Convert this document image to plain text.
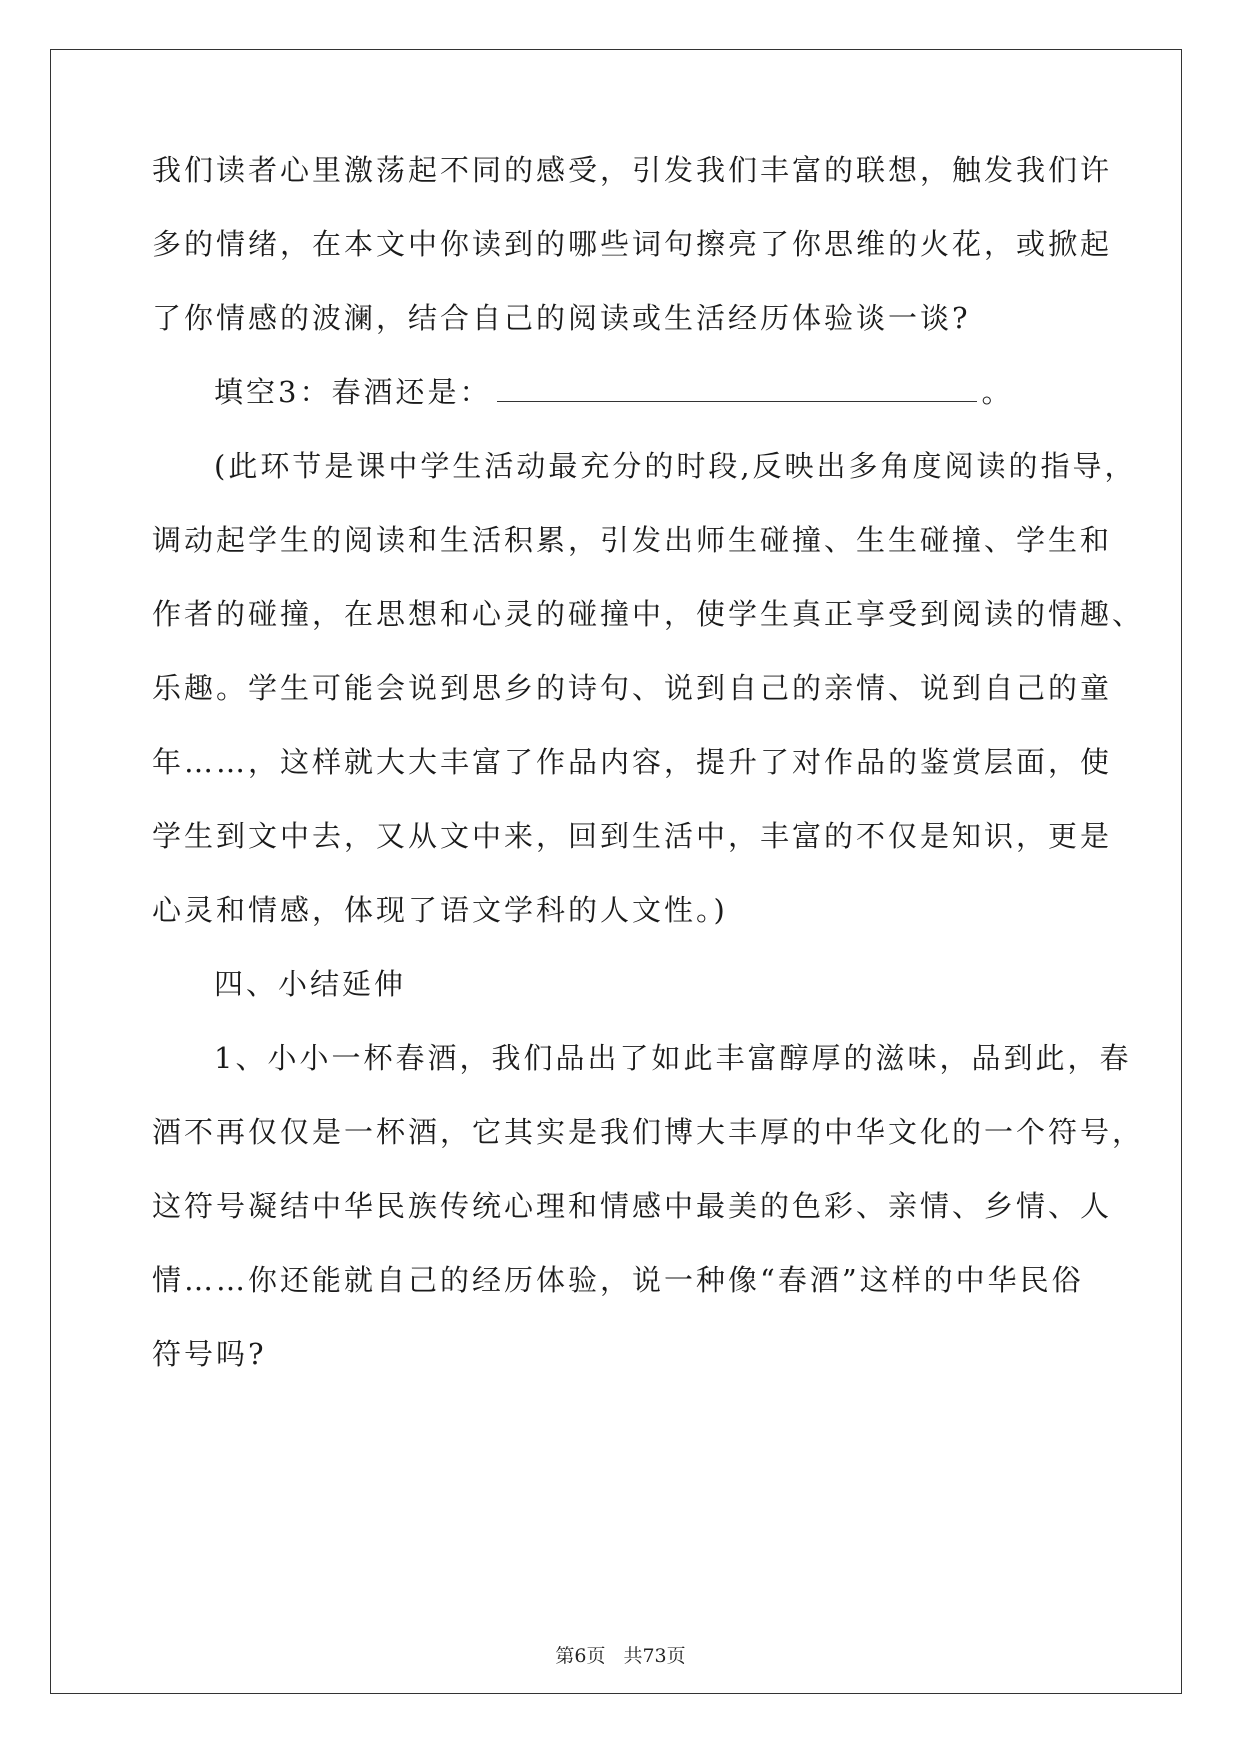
我们读者心里激荡起不同的感受，引发我们丰富的联想，触发我们许
多的情绪，在本文中你读到的哪些词句擦亮了你思维的火花，或掀起
了你情感的波澜，结合自己的阅读或生活经历体验谈一谈?
填空3：春酒还是：	。
(此环节是课中学生活动最充分的时段,反映出多角度阅读的指导，
调动起学生的阅读和生活积累，引发出师生碰撞、生生碰撞、学生和
作者的碰撞，在思想和心灵的碰撞中，使学生真正享受到阅读的情趣、
乐趣。学生可能会说到思乡的诗句、说到自己的亲情、说到自己的童
年……，这样就大大丰富了作品内容，提升了对作品的鉴赏层面，使
学生到文中去，又从文中来，回到生活中，丰富的不仅是知识，更是
心灵和情感，体现了语文学科的人文性。)
四、小结延伸
1、小小一杯春酒，我们品出了如此丰富醇厚的滋味，品到此，春
酒不再仅仅是一杯酒，它其实是我们博大丰厚的中华文化的一个符号，
这符号凝结中华民族传统心理和情感中最美的色彩、亲情、乡情、人
情……你还能就自己的经历体验，说一种像“春酒”这样的中华民俗
符号吗?
第6页 共73页
